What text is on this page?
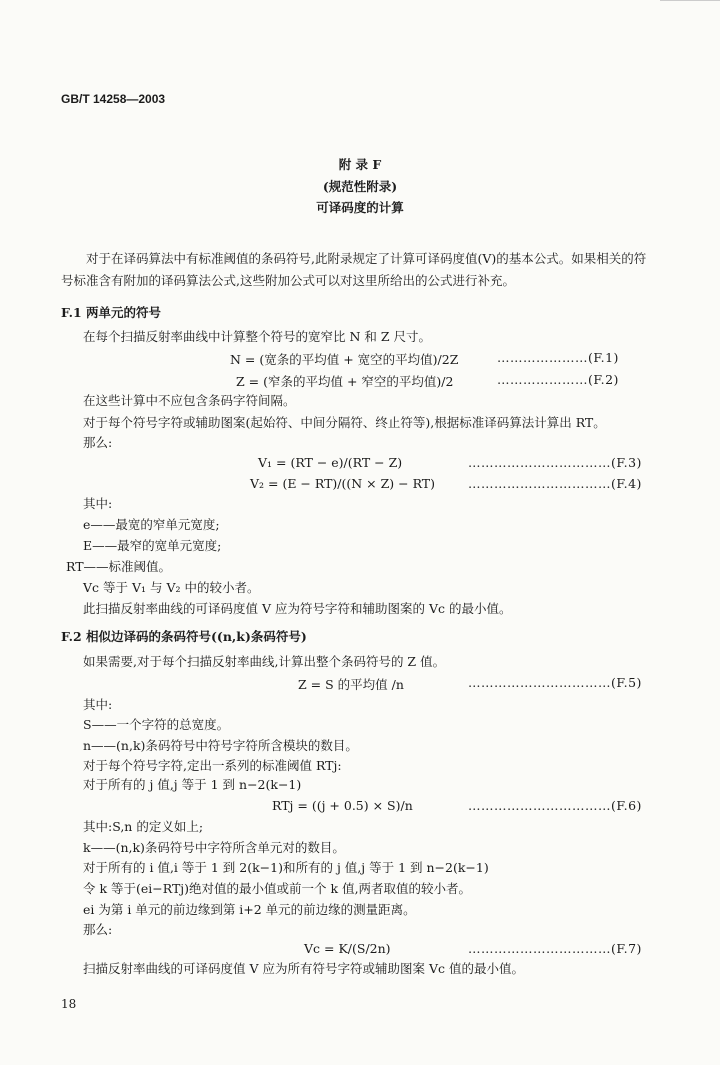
GB/T 14258—2003
附 录 F
(规范性附录)
可译码度的计算
对于在译码算法中有标准阈值的条码符号,此附录规定了计算可译码度值(V)的基本公式。如果相关的符号标准含有附加的译码算法公式,这些附加公式可以对这里所给出的公式进行补充。
F.1 两单元的符号
在每个扫描反射率曲线中计算整个符号的宽窄比 N 和 Z 尺寸。
N = (宽条的平均值 + 宽空的平均值)/2Z	…………………(F.1)
Z = (窄条的平均值 + 窄空的平均值)/2	…………………(F.2)
在这些计算中不应包含条码字符间隔。
对于每个符号字符或辅助图案(起始符、中间分隔符、终止符等),根据标准译码算法计算出 RT。
那么:
V₁ = (RT − e)/(RT − Z)	……………………………(F.3)
V₂ = (E − RT)/((N × Z) − RT)	……………………………(F.4)
其中:
e——最宽的窄单元宽度;
E——最窄的宽单元宽度;
RT——标准阈值。
Vc 等于 V₁ 与 V₂ 中的较小者。
此扫描反射率曲线的可译码度值 V 应为符号字符和辅助图案的 Vc 的最小值。
F.2 相似边译码的条码符号((n,k)条码符号)
如果需要,对于每个扫描反射率曲线,计算出整个条码符号的 Z 值。
Z = S 的平均值 /n	……………………………(F.5)
其中:
S——一个字符的总宽度。
n——(n,k)条码符号中符号字符所含模块的数目。
对于每个符号字符,定出一系列的标准阈值 RTj:
对于所有的 j 值,j 等于 1 到 n−2(k−1)
RTj = ((j + 0.5) × S)/n	……………………………(F.6)
其中:S,n 的定义如上;
k——(n,k)条码符号中字符所含单元对的数目。
对于所有的 i 值,i 等于 1 到 2(k−1)和所有的 j 值,j 等于 1 到 n−2(k−1)
令 k 等于(ei−RTj)绝对值的最小值或前一个 k 值,两者取值的较小者。
ei 为第 i 单元的前边缘到第 i+2 单元的前边缘的测量距离。
那么:
Vc = K/(S/2n)	……………………………(F.7)
扫描反射率曲线的可译码度值 V 应为所有符号字符或辅助图案 Vc 值的最小值。
18
